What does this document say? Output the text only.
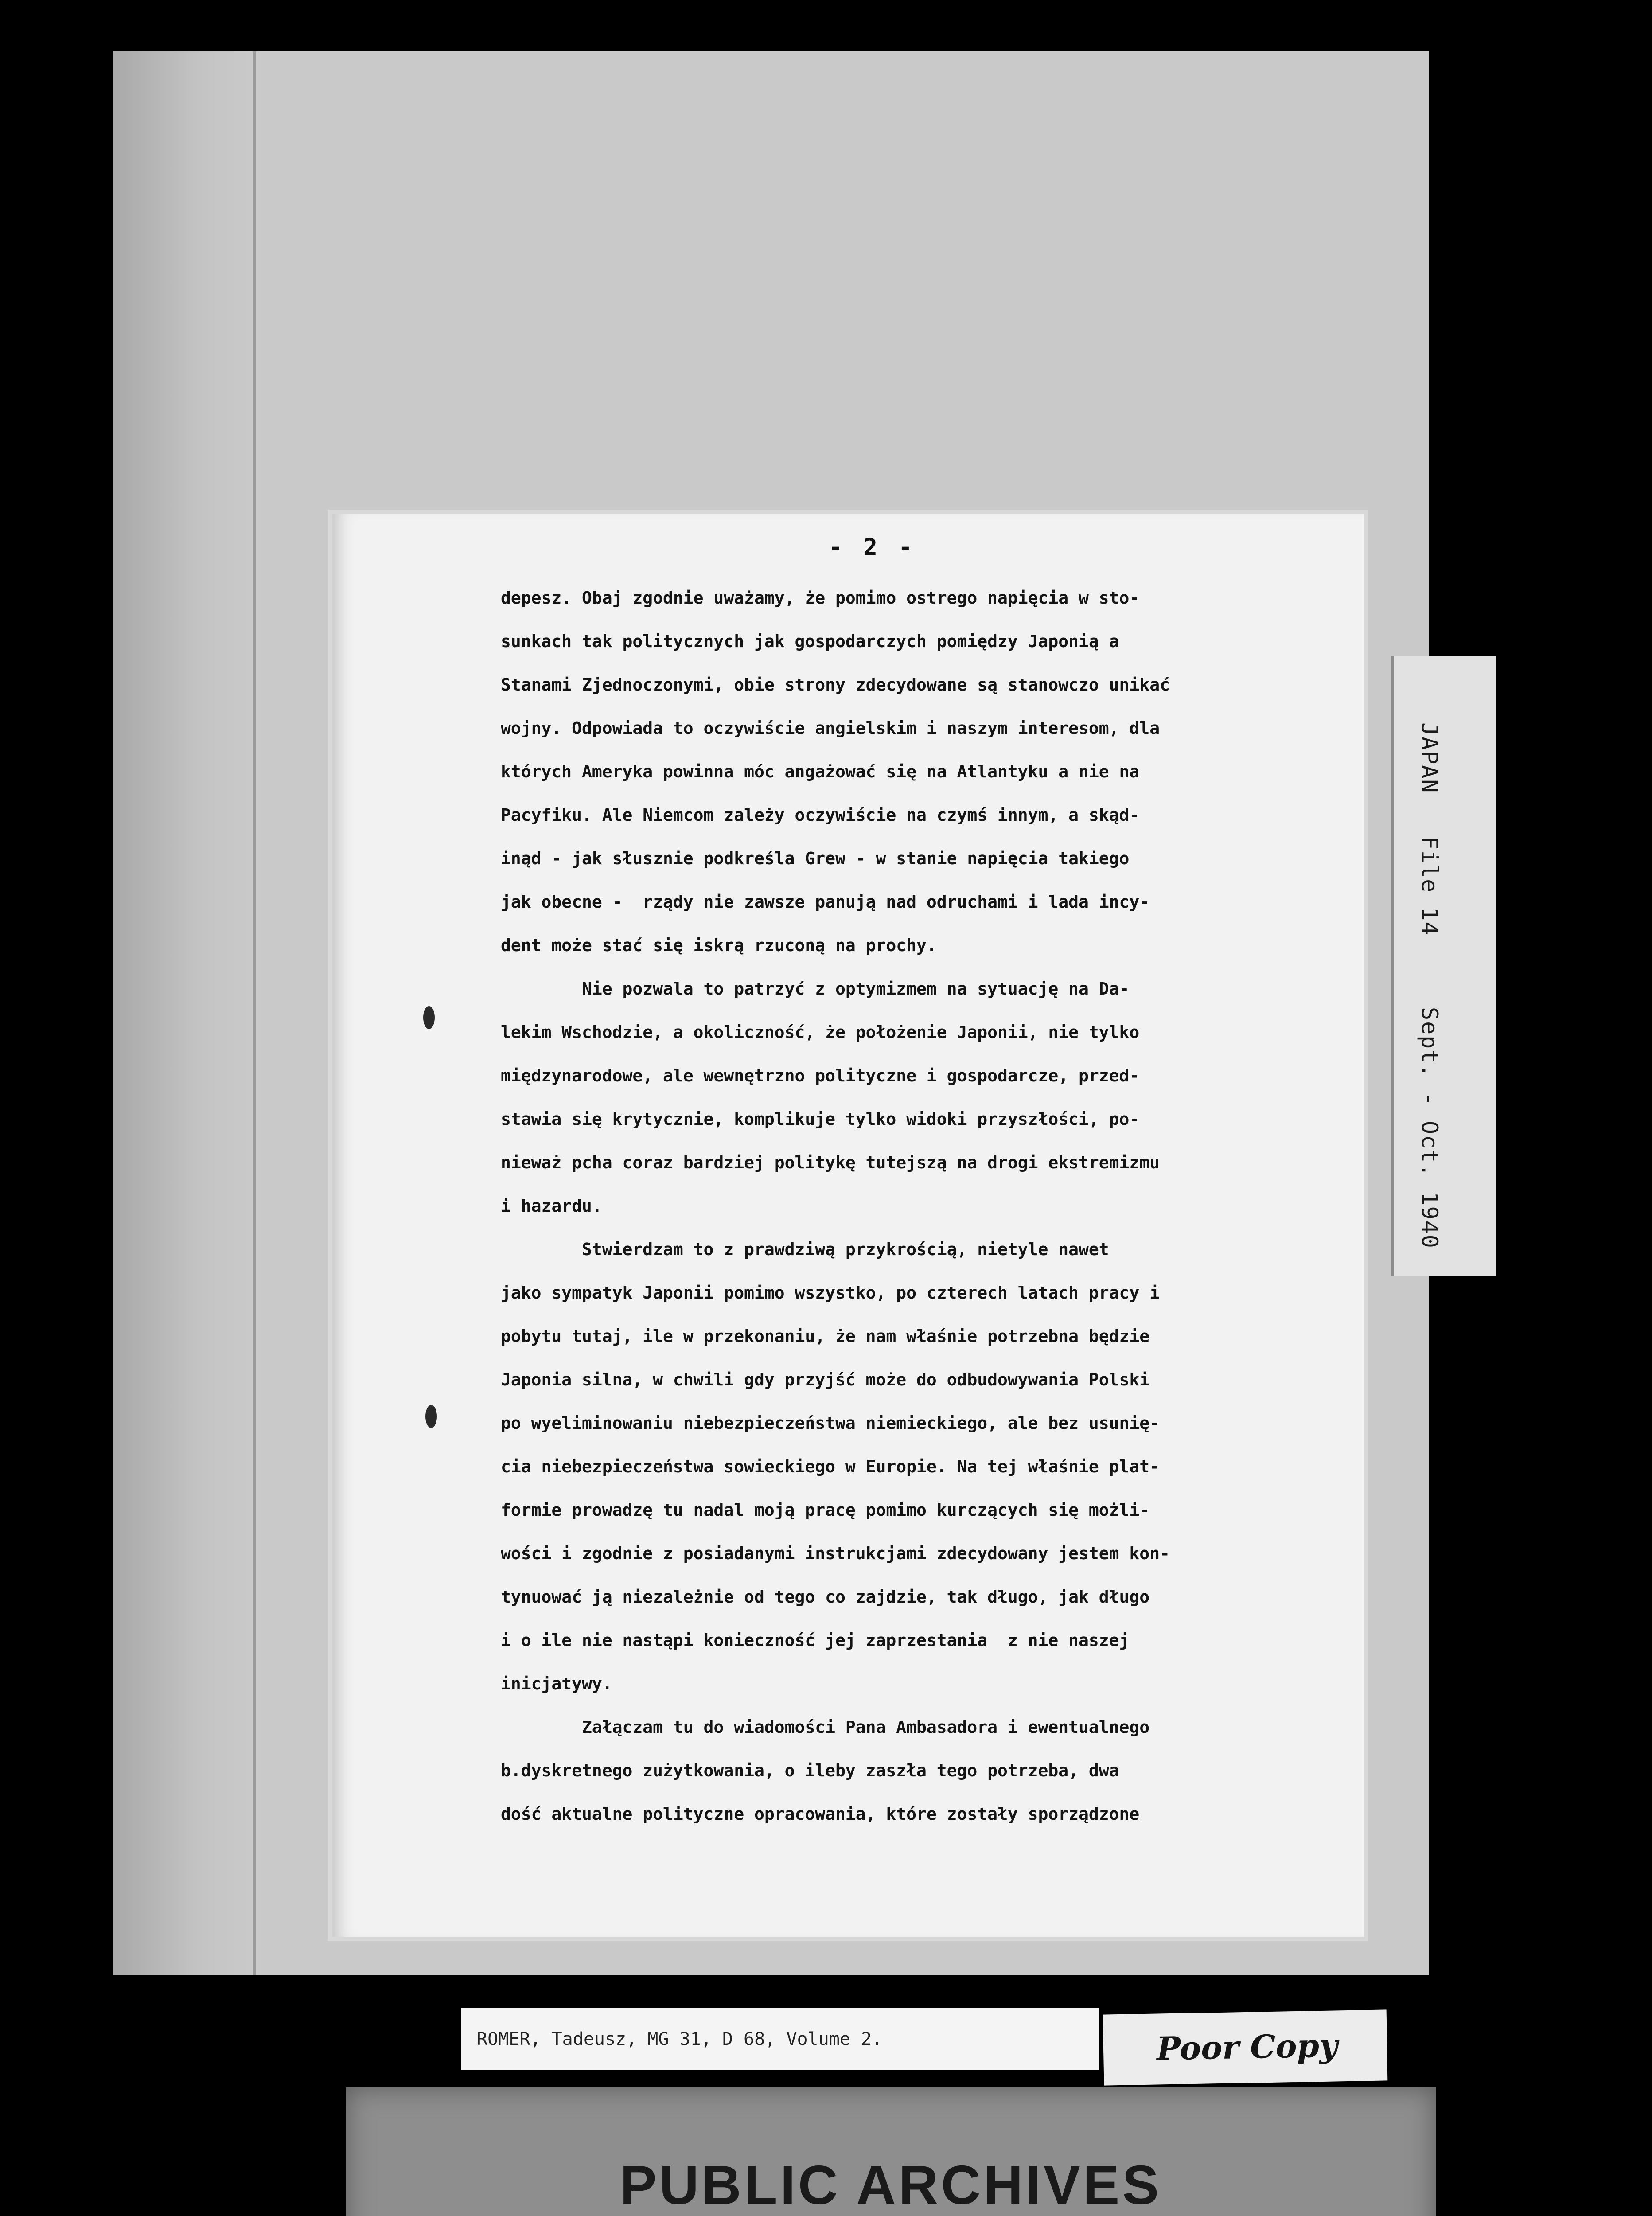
JAPAN   File 14     Sept. - Oct. 1940
- 2 -
depesz. Obaj zgodnie uważamy, że pomimo ostrego napięcia w sto-
sunkach tak politycznych jak gospodarczych pomiędzy Japonią a
Stanami Zjednoczonymi, obie strony zdecydowane są stanowczo unikać
wojny. Odpowiada to oczywiście angielskim i naszym interesom, dla
których Ameryka powinna móc angażować się na Atlantyku a nie na
Pacyfiku. Ale Niemcom zależy oczywiście na czymś innym, a skąd-
inąd - jak słusznie podkreśla Grew - w stanie napięcia takiego
jak obecne -  rządy nie zawsze panują nad odruchami i lada incy-
dent może stać się iskrą rzuconą na prochy.
Nie pozwala to patrzyć z optymizmem na sytuację na Da-
lekim Wschodzie, a okoliczność, że położenie Japonii, nie tylko
międzynarodowe, ale wewnętrzno polityczne i gospodarcze, przed-
stawia się krytycznie, komplikuje tylko widoki przyszłości, po-
nieważ pcha coraz bardziej politykę tutejszą na drogi ekstremizmu
i hazardu.
Stwierdzam to z prawdziwą przykrością, nietyle nawet
jako sympatyk Japonii pomimo wszystko, po czterech latach pracy i
pobytu tutaj, ile w przekonaniu, że nam właśnie potrzebna będzie
Japonia silna, w chwili gdy przyjść może do odbudowywania Polski
po wyeliminowaniu niebezpieczeństwa niemieckiego, ale bez usunię-
cia niebezpieczeństwa sowieckiego w Europie. Na tej właśnie plat-
formie prowadzę tu nadal moją pracę pomimo kurczących się możli-
wości i zgodnie z posiadanymi instrukcjami zdecydowany jestem kon-
tynuować ją niezależnie od tego co zajdzie, tak długo, jak długo
i o ile nie nastąpi konieczność jej zaprzestania  z nie naszej
inicjatywy.
Załączam tu do wiadomości Pana Ambasadora i ewentualnego
b.dyskretnego zużytkowania, o ileby zaszła tego potrzeba, dwa
dość aktualne polityczne opracowania, które zostały sporządzone
ROMER, Tadeusz, MG 31, D 68, Volume 2.	Poor Copy
PUBLIC ARCHIVES
